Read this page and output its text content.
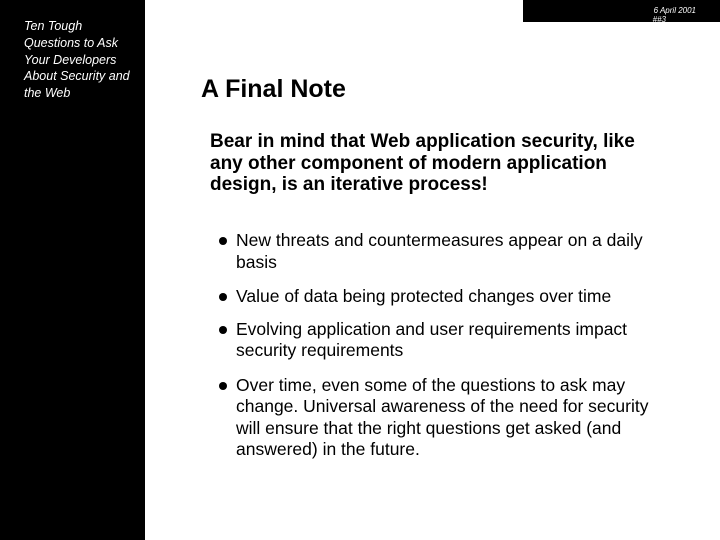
Ten Tough Questions to Ask Your Developers About Security and the Web
6 April 2001
##3
A Final Note
Bear in mind that Web application security, like any other component of modern application design, is an iterative process!
New threats and countermeasures appear on a daily basis
Value of data being protected changes over time
Evolving application and user requirements impact security requirements
Over time, even some of the questions to ask may change. Universal awareness of the need for security will ensure that the right questions get asked (and answered) in the future.
